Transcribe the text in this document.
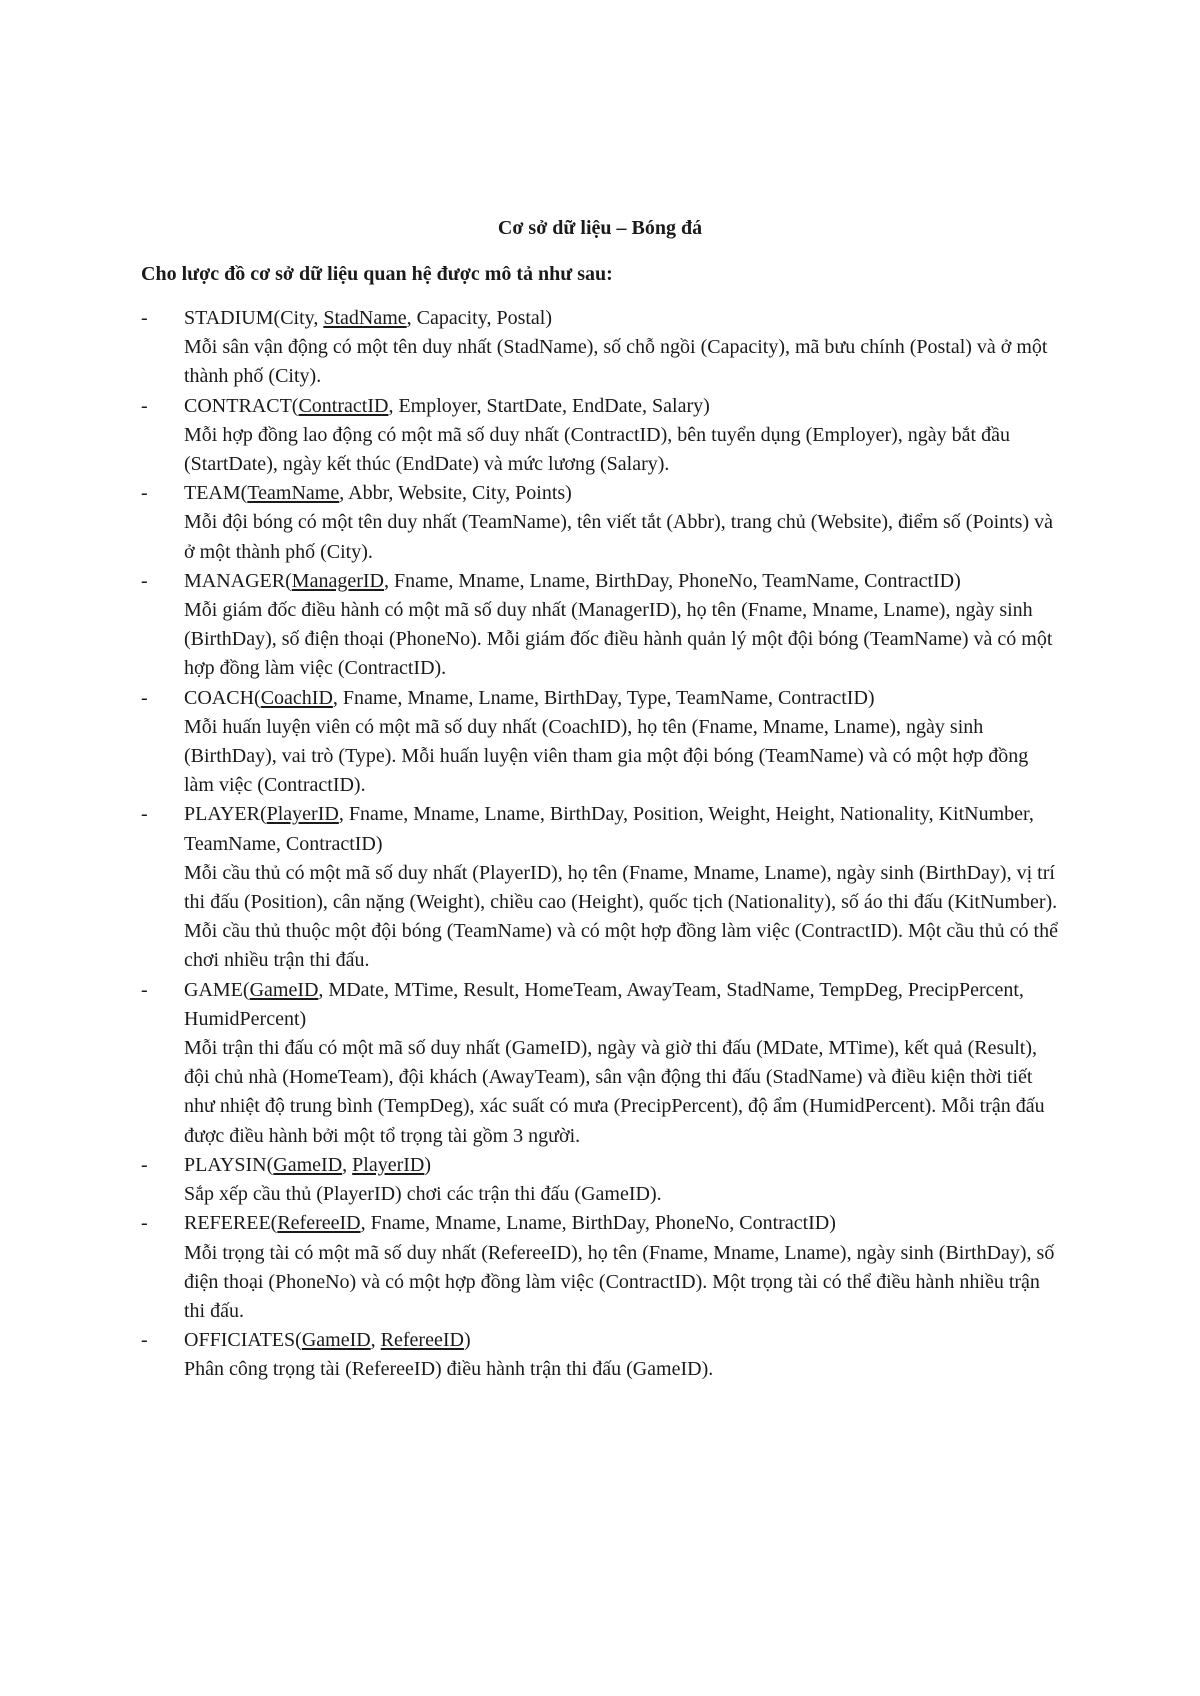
Cơ sở dữ liệu – Bóng đá

Cho lược đồ cơ sở dữ liệu quan hệ được mô tả như sau:

- STADIUM(City, StadName, Capacity, Postal)
Mỗi sân vận động có một tên duy nhất (StadName), số chỗ ngồi (Capacity), mã bưu chính (Postal) và ở một thành phố (City).
- CONTRACT(ContractID, Employer, StartDate, EndDate, Salary)
Mỗi hợp đồng lao động có một mã số duy nhất (ContractID), bên tuyển dụng (Employer), ngày bắt đầu (StartDate), ngày kết thúc (EndDate) và mức lương (Salary).
- TEAM(TeamName, Abbr, Website, City, Points)
Mỗi đội bóng có một tên duy nhất (TeamName), tên viết tắt (Abbr), trang chủ (Website), điểm số (Points) và ở một thành phố (City).
- MANAGER(ManagerID, Fname, Mname, Lname, BirthDay, PhoneNo, TeamName, ContractID)
Mỗi giám đốc điều hành có một mã số duy nhất (ManagerID), họ tên (Fname, Mname, Lname), ngày sinh (BirthDay), số điện thoại (PhoneNo). Mỗi giám đốc điều hành quản lý một đội bóng (TeamName) và có một hợp đồng làm việc (ContractID).
- COACH(CoachID, Fname, Mname, Lname, BirthDay, Type, TeamName, ContractID)
Mỗi huấn luyện viên có một mã số duy nhất (CoachID), họ tên (Fname, Mname, Lname), ngày sinh (BirthDay), vai trò (Type). Mỗi huấn luyện viên tham gia một đội bóng (TeamName) và có một hợp đồng làm việc (ContractID).
- PLAYER(PlayerID, Fname, Mname, Lname, BirthDay, Position, Weight, Height, Nationality, KitNumber, TeamName, ContractID)
Mỗi cầu thủ có một mã số duy nhất (PlayerID), họ tên (Fname, Mname, Lname), ngày sinh (BirthDay), vị trí thi đấu (Position), cân nặng (Weight), chiều cao (Height), quốc tịch (Nationality), số áo thi đấu (KitNumber). Mỗi cầu thủ thuộc một đội bóng (TeamName) và có một hợp đồng làm việc (ContractID). Một cầu thủ có thể chơi nhiều trận thi đấu.
- GAME(GameID, MDate, MTime, Result, HomeTeam, AwayTeam, StadName, TempDeg, PrecipPercent, HumidPercent)
Mỗi trận thi đấu có một mã số duy nhất (GameID), ngày và giờ thi đấu (MDate, MTime), kết quả (Result), đội chủ nhà (HomeTeam), đội khách (AwayTeam), sân vận động thi đấu (StadName) và điều kiện thời tiết như nhiệt độ trung bình (TempDeg), xác suất có mưa (PrecipPercent), độ ẩm (HumidPercent). Mỗi trận đấu được điều hành bởi một tổ trọng tài gồm 3 người.
- PLAYSIN(GameID, PlayerID)
Sắp xếp cầu thủ (PlayerID) chơi các trận thi đấu (GameID).
- REFEREE(RefereeID, Fname, Mname, Lname, BirthDay, PhoneNo, ContractID)
Mỗi trọng tài có một mã số duy nhất (RefereeID), họ tên (Fname, Mname, Lname), ngày sinh (BirthDay), số điện thoại (PhoneNo) và có một hợp đồng làm việc (ContractID). Một trọng tài có thể điều hành nhiều trận thi đấu.
- OFFICIATES(GameID, RefereeID)
Phân công trọng tài (RefereeID) điều hành trận thi đấu (GameID).
